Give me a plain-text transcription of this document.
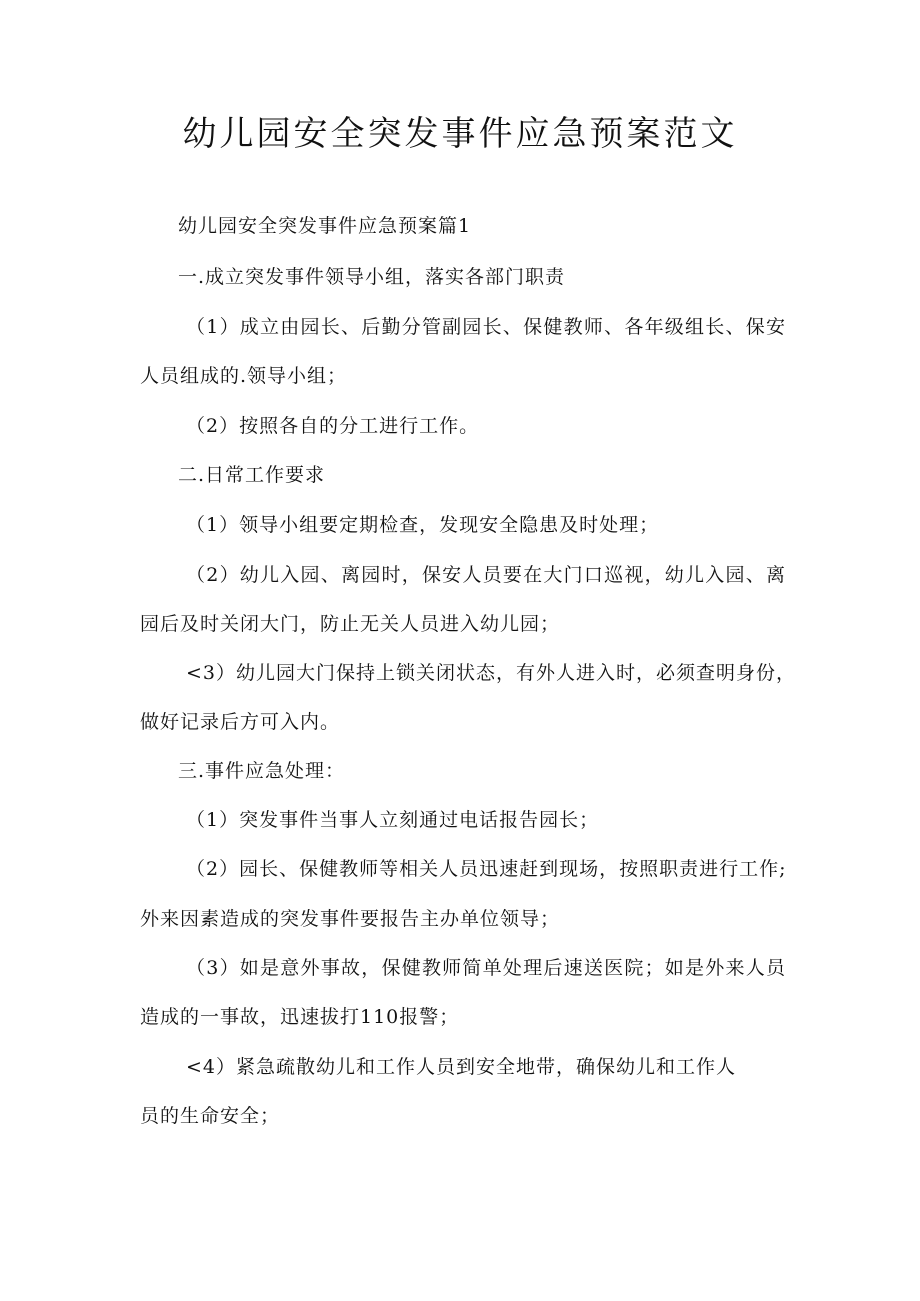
幼儿园安全突发事件应急预案范文
幼儿园安全突发事件应急预案篇1
一.成立突发事件领导小组，落实各部门职责
（1）成立由园长、后勤分管副园长、保健教师、各年级组长、保安
人员组成的.领导小组；
（2）按照各自的分工进行工作。
二.日常工作要求
（1）领导小组要定期检查，发现安全隐患及时处理；
（2）幼儿入园、离园时，保安人员要在大门口巡视，幼儿入园、离
园后及时关闭大门，防止无关人员进入幼儿园；
<3）幼儿园大门保持上锁关闭状态，有外人进入时，必须查明身份，
做好记录后方可入内。
三.事件应急处理：
（1）突发事件当事人立刻通过电话报告园长；
（2）园长、保健教师等相关人员迅速赶到现场，按照职责进行工作;
外来因素造成的突发事件要报告主办单位领导；
（3）如是意外事故，保健教师简单处理后速送医院；如是外来人员
造成的一事故，迅速拔打110报警；
<4）紧急疏散幼儿和工作人员到安全地带，确保幼儿和工作人
员的生命安全；
